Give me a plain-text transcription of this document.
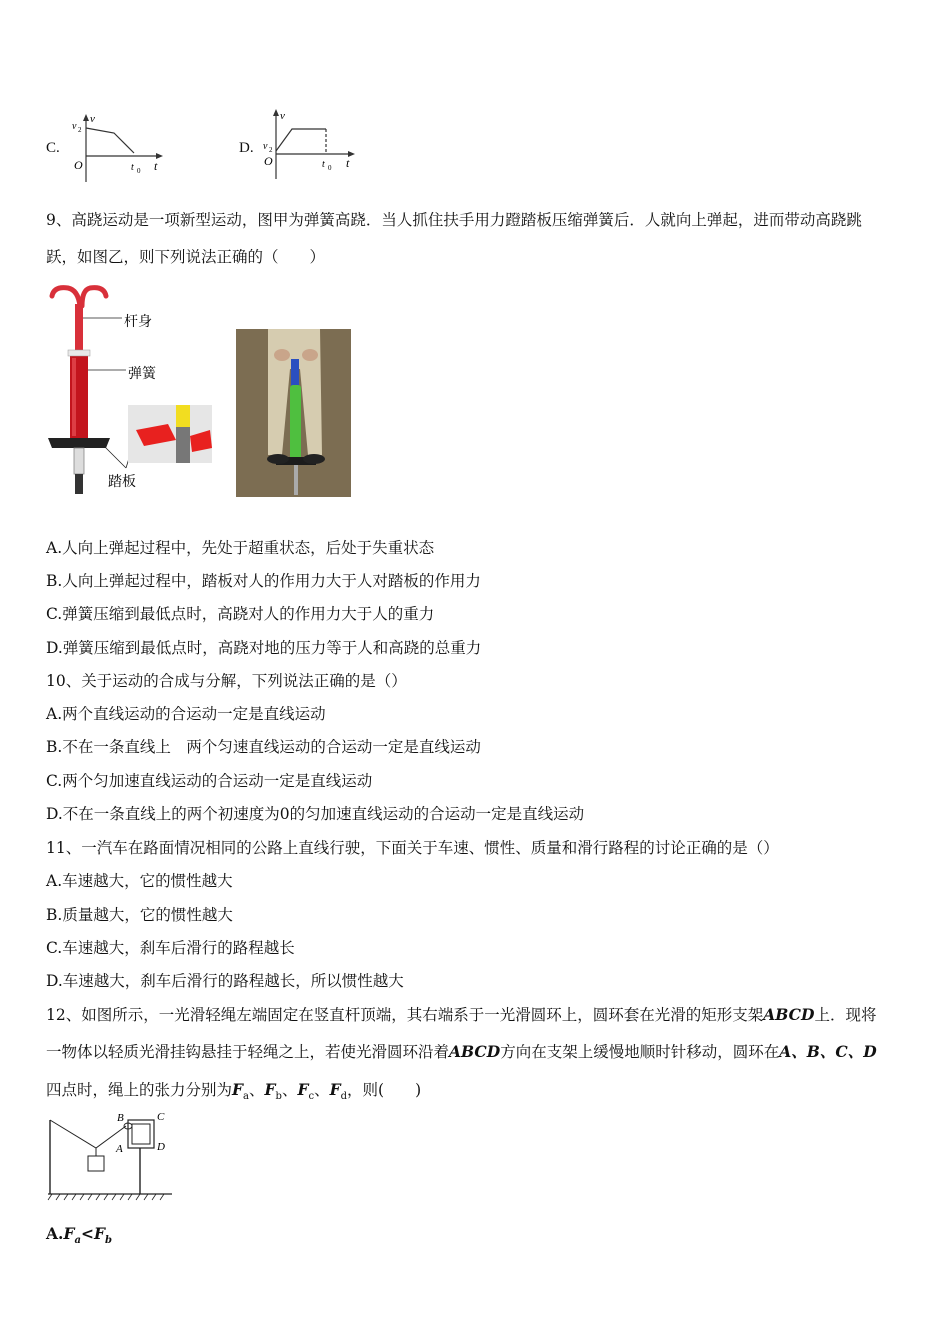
C.
v
v 2
O	t 0 t
D.
v
v 2
O	t 0 t
9、高跷运动是一项新型运动，图甲为弹簧高跷．当人抓住扶手用力蹬踏板压缩弹簧后．人就向上弹起，进而带动高跷跳
跃，如图乙，则下列说法正确的（　　）
杆身
弹簧
踏板
A.人向上弹起过程中，先处于超重状态，后处于失重状态
B.人向上弹起过程中，踏板对人的作用力大于人对踏板的作用力
C.弹簧压缩到最低点时，高跷对人的作用力大于人的重力
D.弹簧压缩到最低点时，高跷对地的压力等于人和高跷的总重力
10、关于运动的合成与分解，下列说法正确的是（）
A.两个直线运动的合运动一定是直线运动
B.不在一条直线上　两个匀速直线运动的合运动一定是直线运动
C.两个匀加速直线运动的合运动一定是直线运动
D.不在一条直线上的两个初速度为0的匀加速直线运动的合运动一定是直线运动
11、一汽车在路面情况相同的公路上直线行驶，下面关于车速、惯性、质量和滑行路程的讨论正确的是（）
A.车速越大，它的惯性越大
B.质量越大，它的惯性越大
C.车速越大，刹车后滑行的路程越长
D.车速越大，刹车后滑行的路程越长，所以惯性越大
12、如图所示，一光滑轻绳左端固定在竖直杆顶端，其右端系于一光滑圆环上，圆环套在光滑的矩形支架ABCD上．现将
一物体以轻质光滑挂钩悬挂于轻绳之上，若使光滑圆环沿着ABCD方向在支架上缓慢地顺时针移动，圆环在A、B、C、D
四点时，绳上的张力分别为$F_a$、$F_b$、$F_c$、$F_d$，则(　　)
B	C
A	D
$A.F_a<F_b$
